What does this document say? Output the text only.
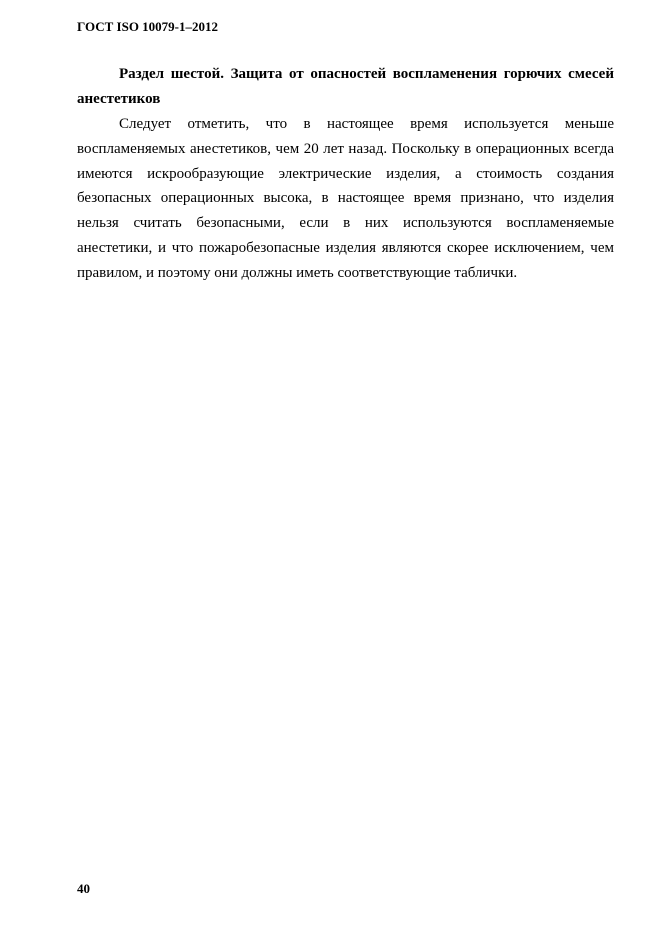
ГОСТ ISO 10079-1–2012

Раздел шестой. Защита от опасностей воспламенения горючих смесей анестетиков

Следует отметить, что в настоящее время используется меньше воспламеняемых анестетиков, чем 20 лет назад. Поскольку в операционных всегда имеются искрообразующие электрические изделия, а стоимость создания безопасных операционных высока, в настоящее время признано, что изделия нельзя считать безопасными, если в них используются воспламеняемые анестетики, и что пожаробезопасные изделия являются скорее исключением, чем правилом, и поэтому они должны иметь соответствующие таблички.

40
